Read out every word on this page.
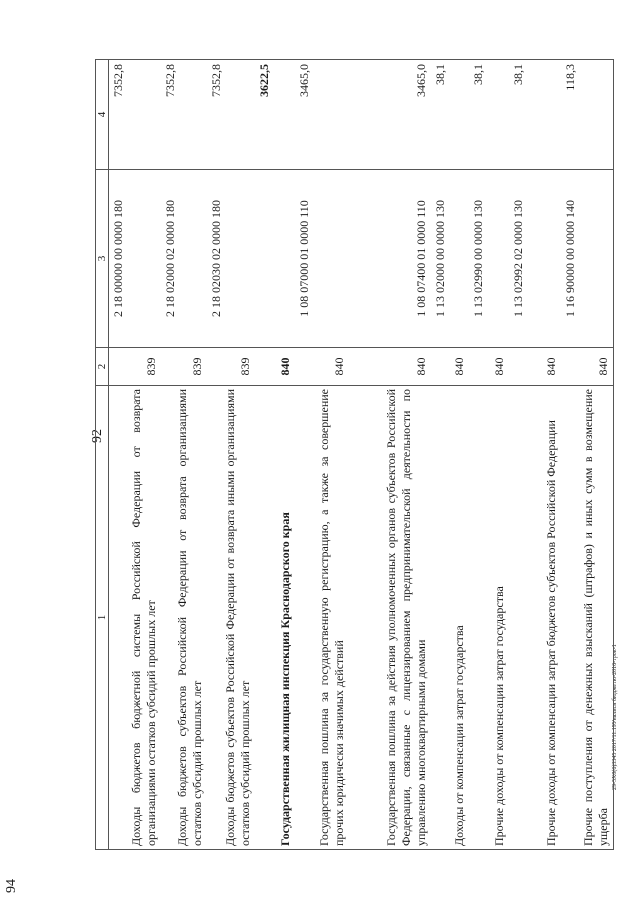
92
94
29-5X0(6)3345 2017/11.19Уналиси бюджетю-2016-трок-1
1	2	3	4
Доходы бюджетов бюджетной системы Российской Федерации от возврата организациями остатков субсидий прошлых лет	839	2 18 00000 00 0000 180	7352,8
Доходы бюджетов субъектов Российской Федерации от возврата организациями остатков субсидий прошлых лет	839	2 18 02000 02 0000 180	7352,8
Доходы бюджетов субъектов Российской Федерации от возврата иными организациями остатков субсидий прошлых лет	839	2 18 02030 02 0000 180	7352,8
Государственная жилищная инспекция Краснодарского края	840		3622,5
Государственная пошлина за государственную регистрацию, а также за совершение прочих юридически значимых действий	840	1 08 07000 01 0000 110	3465,0
Государственная пошлина за действия уполномоченных органов субъектов Российской Федерации, связанные с лицензированием предпринимательской деятельности по управлению многоквартирными домами	840	1 08 07400 01 0000 110	3465,0
Доходы от компенсации затрат государства	840	1 13 02000 00 0000 130	38,1
Прочие доходы от компенсации затрат государства	840	1 13 02990 00 0000 130	38,1
Прочие доходы от компенсации затрат бюджетов субъектов Российской Федерации	840	1 13 02992 02 0000 130	38,1
Прочие поступления от денежных взысканий (штрафов) и иных сумм в возмещение ущерба	840	1 16 90000 00 0000 140	118,3
